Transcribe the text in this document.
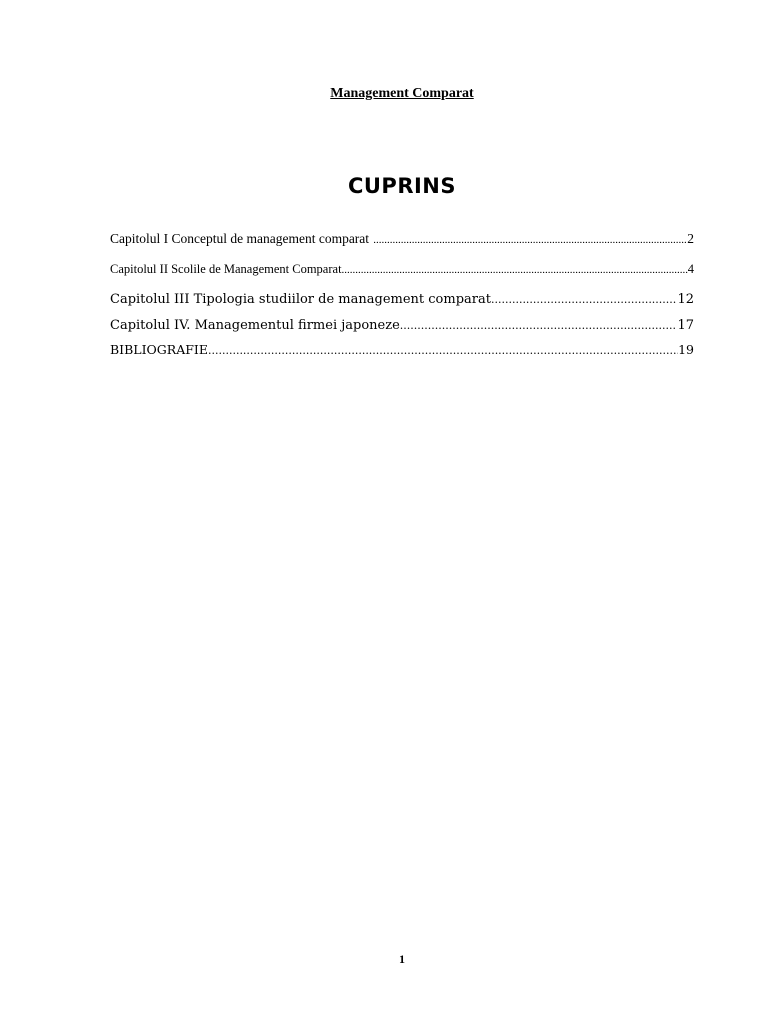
Management Comparat
CUPRINS
Capitolul I Conceptul de management comparat .....	2
Capitolul II Scolile de Management Comparat .....	4
Capitolul III Tipologia studiilor de management comparat .....	12
Capitolul IV. Managementul firmei japoneze .....	17
BIBLIOGRAFIE .....	19
1
